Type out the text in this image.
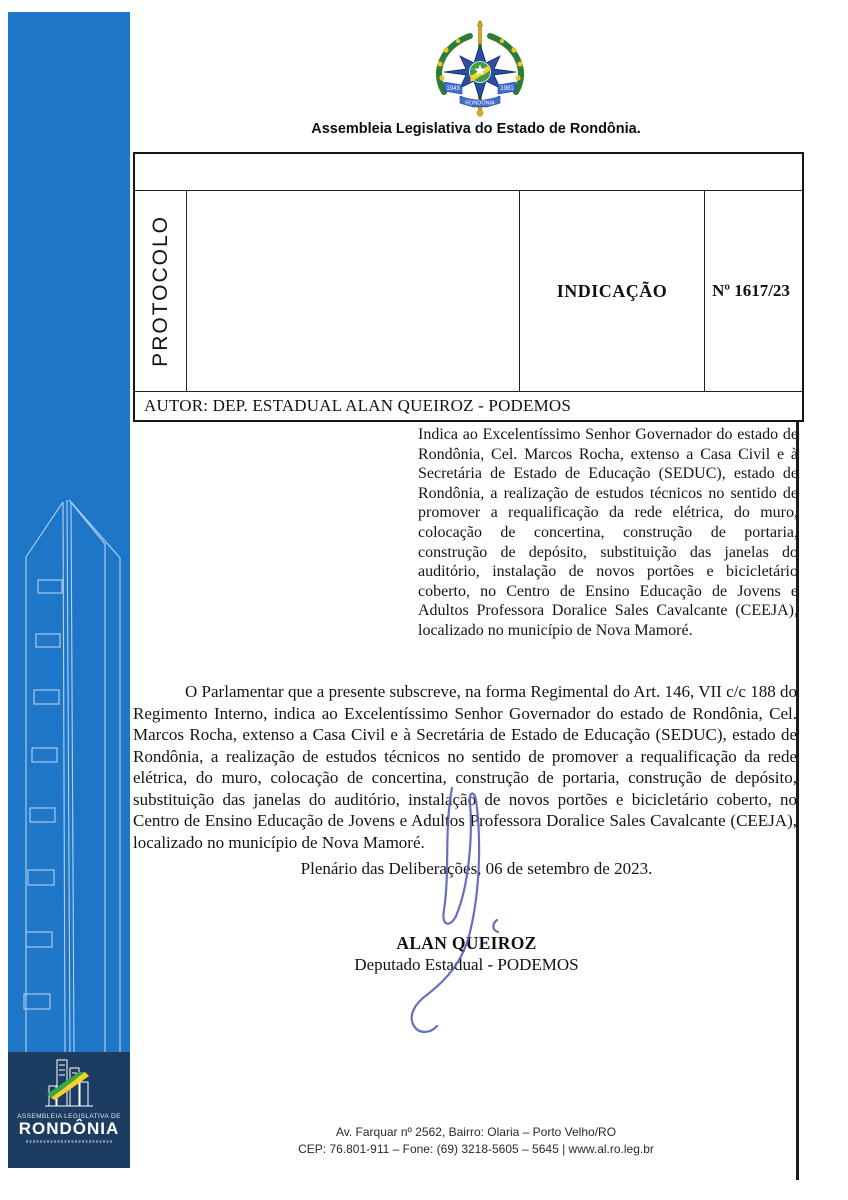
ASSEMBLEIA LEGISLATIVA DE
RONDÔNIA
1943	1981
RONDÔNIA
Assembleia Legislativa do Estado de Rondônia.
PROTOCOLO	INDICAÇÃO	Nº 1617/23
AUTOR: DEP. ESTADUAL ALAN QUEIROZ - PODEMOS
Indica ao Excelentíssimo Senhor Governador do estado de Rondônia, Cel. Marcos Rocha, extenso a Casa Civil e à Secretária de Estado de Educação (SEDUC), estado de Rondônia, a realização de estudos técnicos no sentido de promover a requalificação da rede elétrica, do muro, colocação de concertina, construção de portaria, construção de depósito, substituição das janelas do auditório, instalação de novos portões e bicicletário coberto, no Centro de Ensino Educação de Jovens e Adultos Professora Doralice Sales Cavalcante (CEEJA), localizado no município de Nova Mamoré.
O Parlamentar que a presente subscreve, na forma Regimental do Art. 146, VII c/c 188 do Regimento Interno, indica ao Excelentíssimo Senhor Governador do estado de Rondônia, Cel. Marcos Rocha, extenso a Casa Civil e à Secretária de Estado de Educação (SEDUC), estado de Rondônia, a realização de estudos técnicos no sentido de promover a requalificação da rede elétrica, do muro, colocação de concertina, construção de portaria, construção de depósito, substituição das janelas do auditório, instalação de novos portões e bicicletário coberto, no Centro de Ensino Educação de Jovens e Adultos Professora Doralice Sales Cavalcante (CEEJA), localizado no município de Nova Mamoré.
Plenário das Deliberações, 06 de setembro de 2023.
ALAN QUEIROZ
Deputado Estadual - PODEMOS
Av. Farquar nº 2562, Bairro: Olaria – Porto Velho/RO
CEP: 76.801-911 – Fone: (69) 3218-5605 – 5645 | www.al.ro.leg.br
